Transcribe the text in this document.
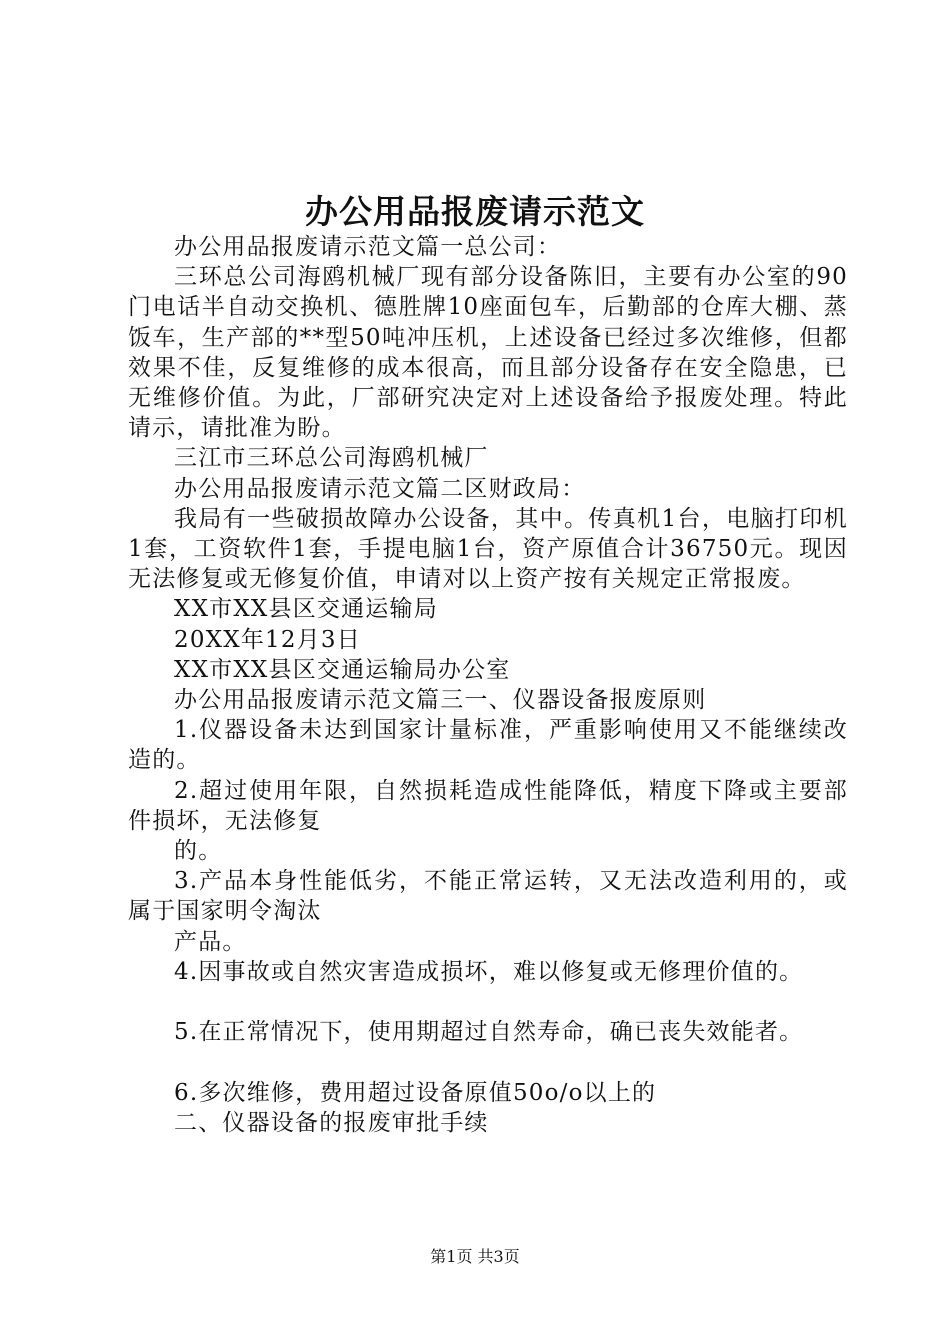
办公用品报废请示范文

办公用品报废请示范文篇一总公司：

三环总公司海鸥机械厂现有部分设备陈旧，主要有办公室的90门电话半自动交换机、德胜牌10座面包车，后勤部的仓库大棚、蒸饭车，生产部的**型50吨冲压机，上述设备已经过多次维修，但都效果不佳，反复维修的成本很高，而且部分设备存在安全隐患，已无维修价值。为此，厂部研究决定对上述设备给予报废处理。特此请示，请批准为盼。

三江市三环总公司海鸥机械厂

办公用品报废请示范文篇二区财政局：

我局有一些破损故障办公设备，其中。传真机1台，电脑打印机1套，工资软件1套，手提电脑1台，资产原值合计36750元。现因无法修复或无修复价值，申请对以上资产按有关规定正常报废。

XX市XX县区交通运输局

20XX年12月3日

XX市XX县区交通运输局办公室

办公用品报废请示范文篇三一、仪器设备报废原则

1.仪器设备未达到国家计量标准，严重影响使用又不能继续改造的。

2.超过使用年限，自然损耗造成性能降低，精度下降或主要部件损坏，无法修复

的。

3.产品本身性能低劣，不能正常运转，又无法改造利用的，或属于国家明令淘汰

产品。

4.因事故或自然灾害造成损坏，难以修复或无修理价值的。

5.在正常情况下，使用期超过自然寿命，确已丧失效能者。

6.多次维修，费用超过设备原值50o/o以上的

二、仪器设备的报废审批手续

第1页 共3页
